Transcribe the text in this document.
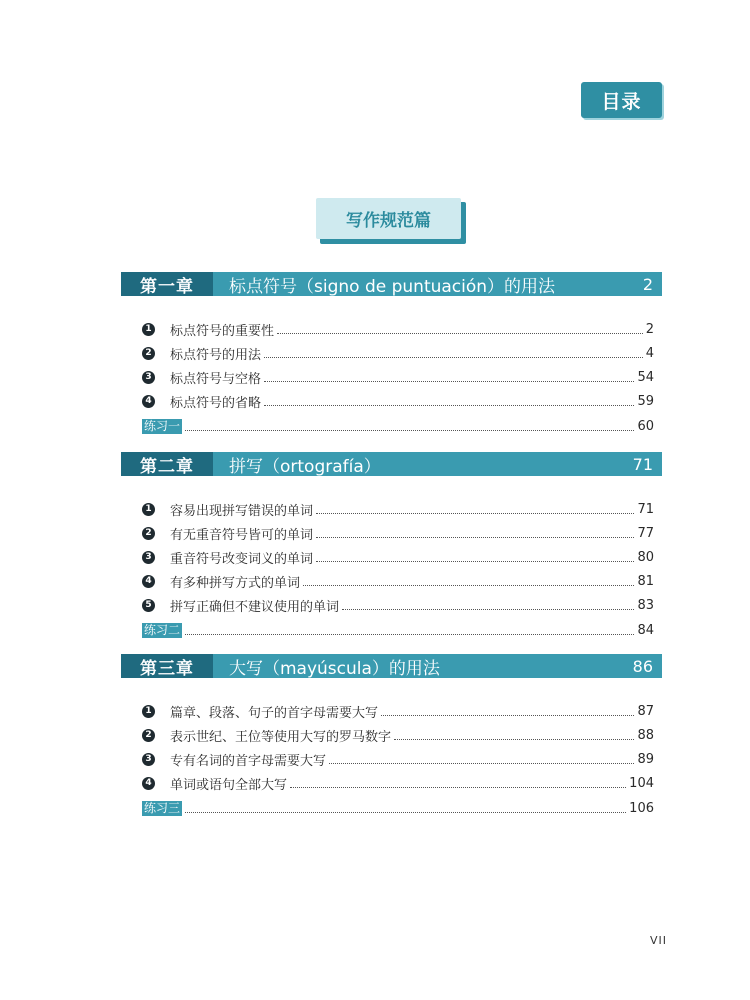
目录
写作规范篇
第一章	标点符号（signo de puntuación）的用法	2
1 标点符号的重要性	2
2 标点符号的用法	4
3 标点符号与空格	54
4 标点符号的省略	59
练习一	60
第二章	拼写（ortografía）	71
1 容易出现拼写错误的单词	71
2 有无重音符号皆可的单词	77
3 重音符号改变词义的单词	80
4 有多种拼写方式的单词	81
5 拼写正确但不建议使用的单词	83
练习二	84
第三章	大写（mayúscula）的用法	86
1 篇章、段落、句子的首字母需要大写	87
2 表示世纪、王位等使用大写的罗马数字	88
3 专有名词的首字母需要大写	89
4 单词或语句全部大写	104
练习三	106
VII
